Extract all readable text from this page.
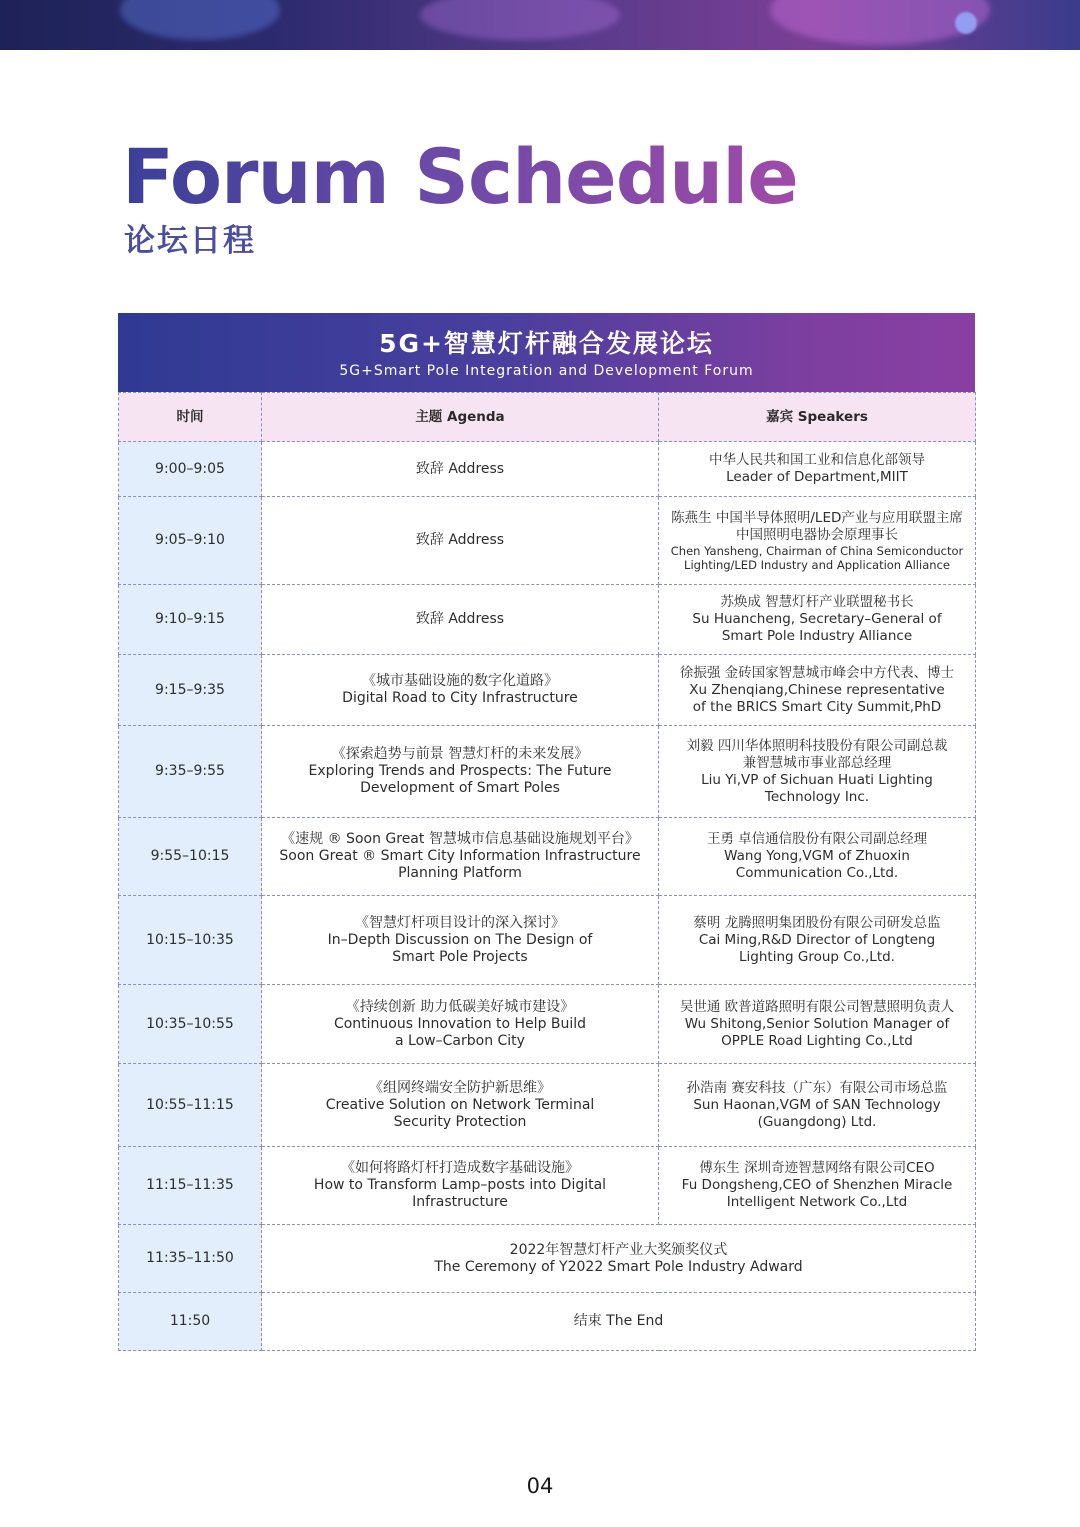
Forum Schedule
论坛日程
5G+智慧灯杆融合发展论坛
5G+Smart Pole Integration and Development Forum
时间	主题 Agenda	嘉宾 Speakers
9:00–9:05	致辞 Address	中华人民共和国工业和信息化部领导
Leader of Department,MIIT

9:05–9:10	致辞 Address	陈燕生 中国半导体照明/LED产业与应用联盟主席
中国照明电器协会原理事长
Chen Yansheng, Chairman of China Semiconductor
Lighting/LED Industry and Application Alliance

9:10–9:15	致辞 Address	苏焕成 智慧灯杆产业联盟秘书长
Su Huancheng, Secretary–General of
Smart Pole Industry Alliance

9:15–9:35	《城市基础设施的数字化道路》
Digital Road to City Infrastructure	徐振强 金砖国家智慧城市峰会中方代表、博士
Xu Zhenqiang,Chinese representative
of the BRICS Smart City Summit,PhD

9:35–9:55	《探索趋势与前景 智慧灯杆的未来发展》
Exploring Trends and Prospects: The Future
Development of Smart Poles	刘毅 四川华体照明科技股份有限公司副总裁
兼智慧城市事业部总经理
Liu Yi,VP of Sichuan Huati Lighting
Technology Inc.

9:55–10:15	《速规 ® Soon Great 智慧城市信息基础设施规划平台》
Soon Great ® Smart City Information Infrastructure
Planning Platform	王勇 卓信通信股份有限公司副总经理
Wang Yong,VGM of Zhuoxin
Communication Co.,Ltd.

10:15–10:35	《智慧灯杆项目设计的深入探讨》
In–Depth Discussion on The Design of
Smart Pole Projects	蔡明 龙腾照明集团股份有限公司研发总监
Cai Ming,R&D Director of Longteng
Lighting Group Co.,Ltd.

10:35–10:55	《持续创新 助力低碳美好城市建设》
Continuous Innovation to Help Build
a Low–Carbon City	吴世通 欧普道路照明有限公司智慧照明负责人
Wu Shitong,Senior Solution Manager of
OPPLE Road Lighting Co.,Ltd

10:55–11:15	《组网终端安全防护新思维》
Creative Solution on Network Terminal
Security Protection	孙浩南 赛安科技（广东）有限公司市场总监
Sun Haonan,VGM of SAN Technology
(Guangdong) Ltd.

11:15–11:35	《如何将路灯杆打造成数字基础设施》
How to Transform Lamp–posts into Digital
Infrastructure	傅东生 深圳奇迹智慧网络有限公司CEO
Fu Dongsheng,CEO of Shenzhen Miracle
Intelligent Network Co.,Ltd

11:35–11:50	2022年智慧灯杆产业大奖颁奖仪式
The Ceremony of Y2022 Smart Pole Industry Adward	

11:50	结束 The End	
04
